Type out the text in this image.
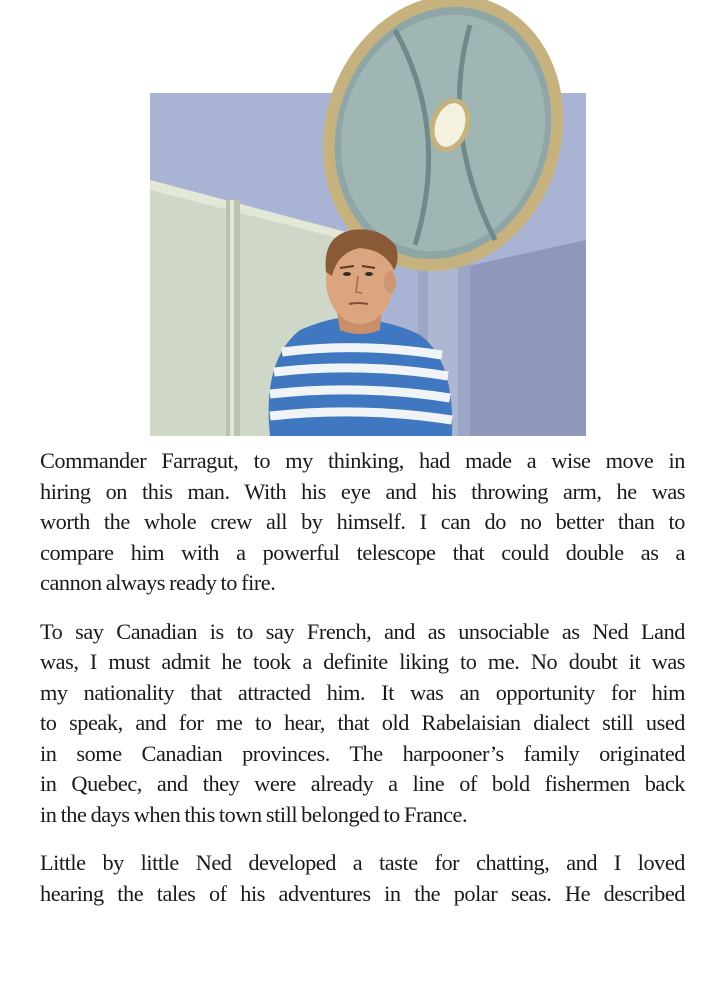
Commander Farragut, to my thinking, had made a wise move in
hiring on this man. With his eye and his throwing arm, he was
worth the whole crew all by himself. I can do no better than to
compare him with a powerful telescope that could double as a
cannon always ready to fire.

To say Canadian is to say French, and as unsociable as Ned Land
was, I must admit he took a definite liking to me. No doubt it was
my nationality that attracted him. It was an opportunity for him
to speak, and for me to hear, that old Rabelaisian dialect still used
in some Canadian provinces. The harpooner’s family originated
in Quebec, and they were already a line of bold fishermen back
in the days when this town still belonged to France.

Little by little Ned developed a taste for chatting, and I loved
hearing the tales of his adventures in the polar seas. He described
